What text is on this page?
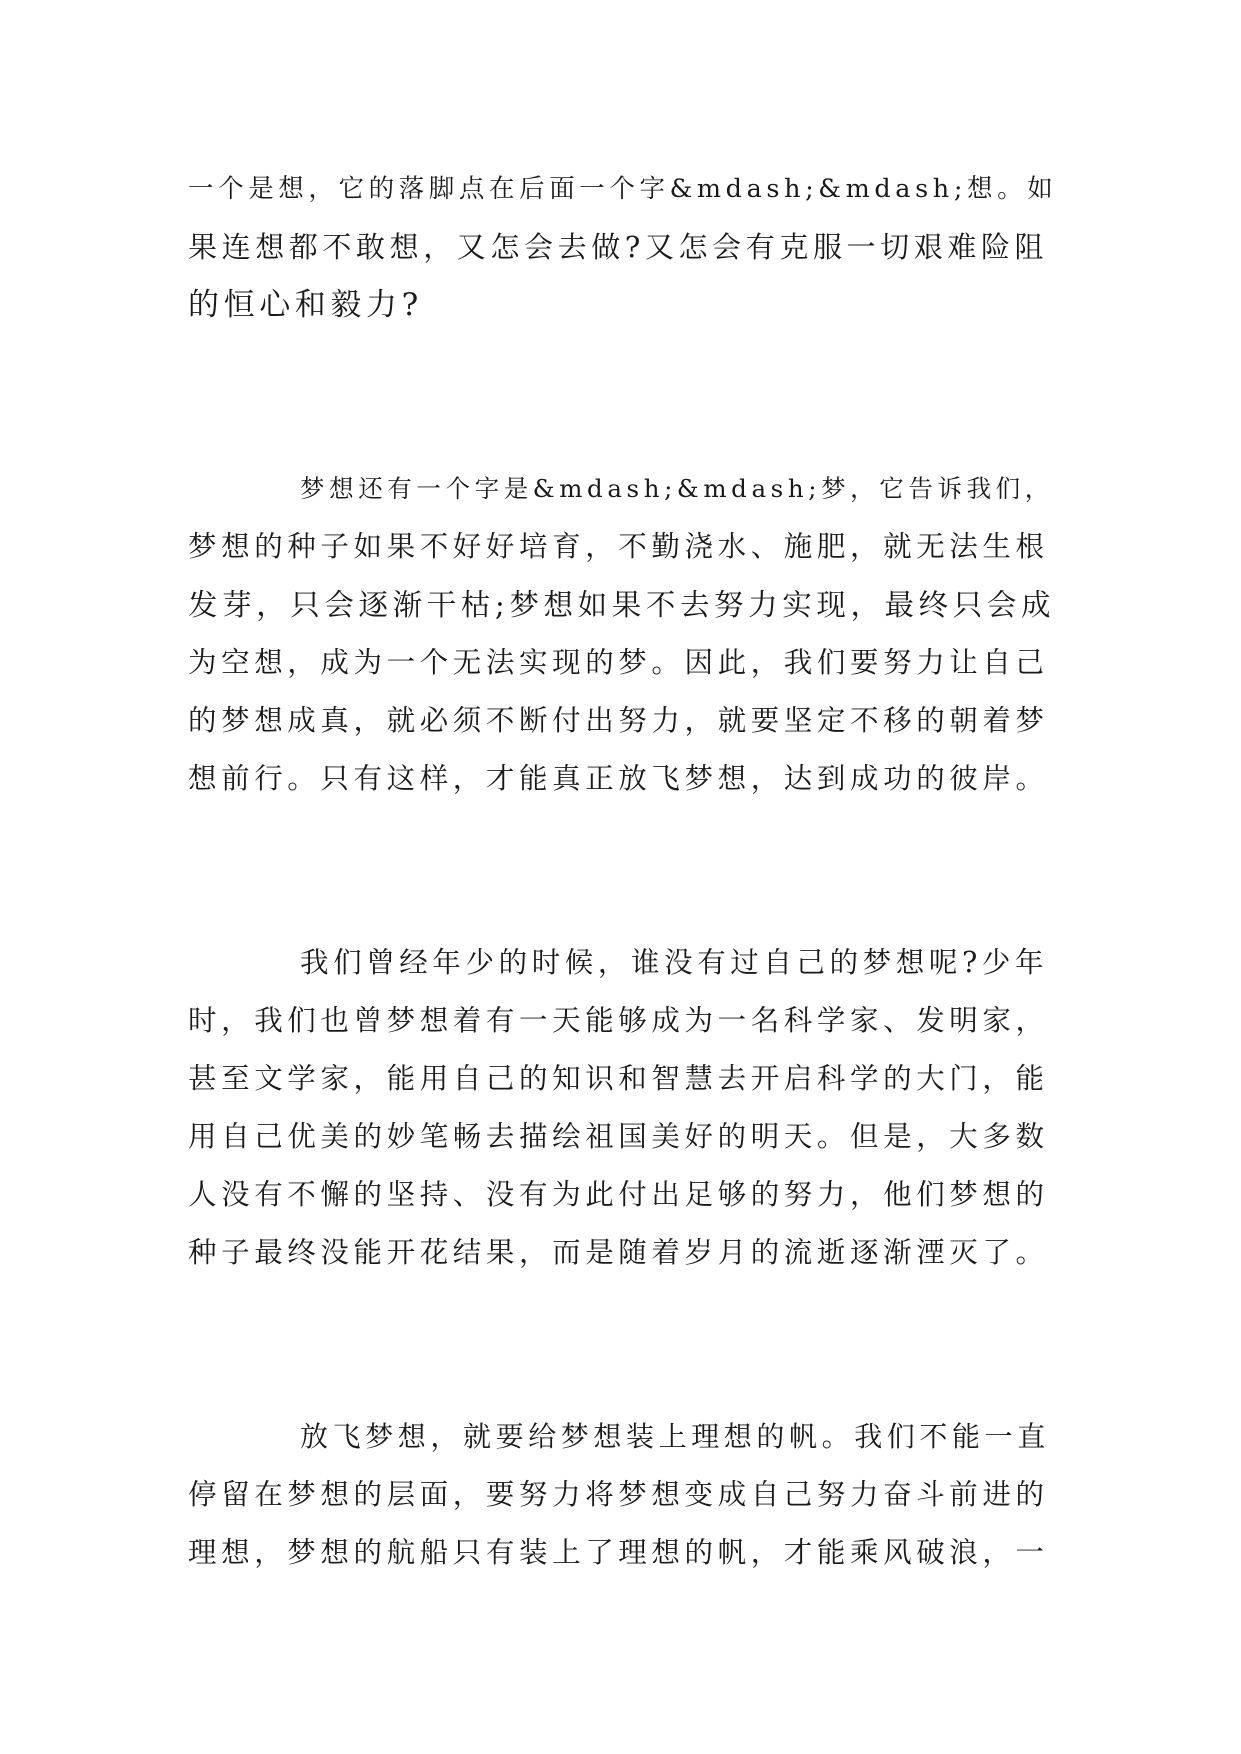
一个是想，它的落脚点在后面一个字&mdash;&mdash;想。如
果连想都不敢想，又怎会去做?又怎会有克服一切艰难险阻
的恒心和毅力?
梦想还有一个字是&mdash;&mdash;梦，它告诉我们，
梦想的种子如果不好好培育，不勤浇水、施肥，就无法生根
发芽，只会逐渐干枯;梦想如果不去努力实现，最终只会成
为空想，成为一个无法实现的梦。因此，我们要努力让自己
的梦想成真，就必须不断付出努力，就要坚定不移的朝着梦
想前行。只有这样，才能真正放飞梦想，达到成功的彼岸。
我们曾经年少的时候，谁没有过自己的梦想呢?少年
时，我们也曾梦想着有一天能够成为一名科学家、发明家，
甚至文学家，能用自己的知识和智慧去开启科学的大门，能
用自己优美的妙笔畅去描绘祖国美好的明天。但是，大多数
人没有不懈的坚持、没有为此付出足够的努力，他们梦想的
种子最终没能开花结果，而是随着岁月的流逝逐渐湮灭了。
放飞梦想，就要给梦想装上理想的帆。我们不能一直
停留在梦想的层面，要努力将梦想变成自己努力奋斗前进的
理想，梦想的航船只有装上了理想的帆，才能乘风破浪，一
